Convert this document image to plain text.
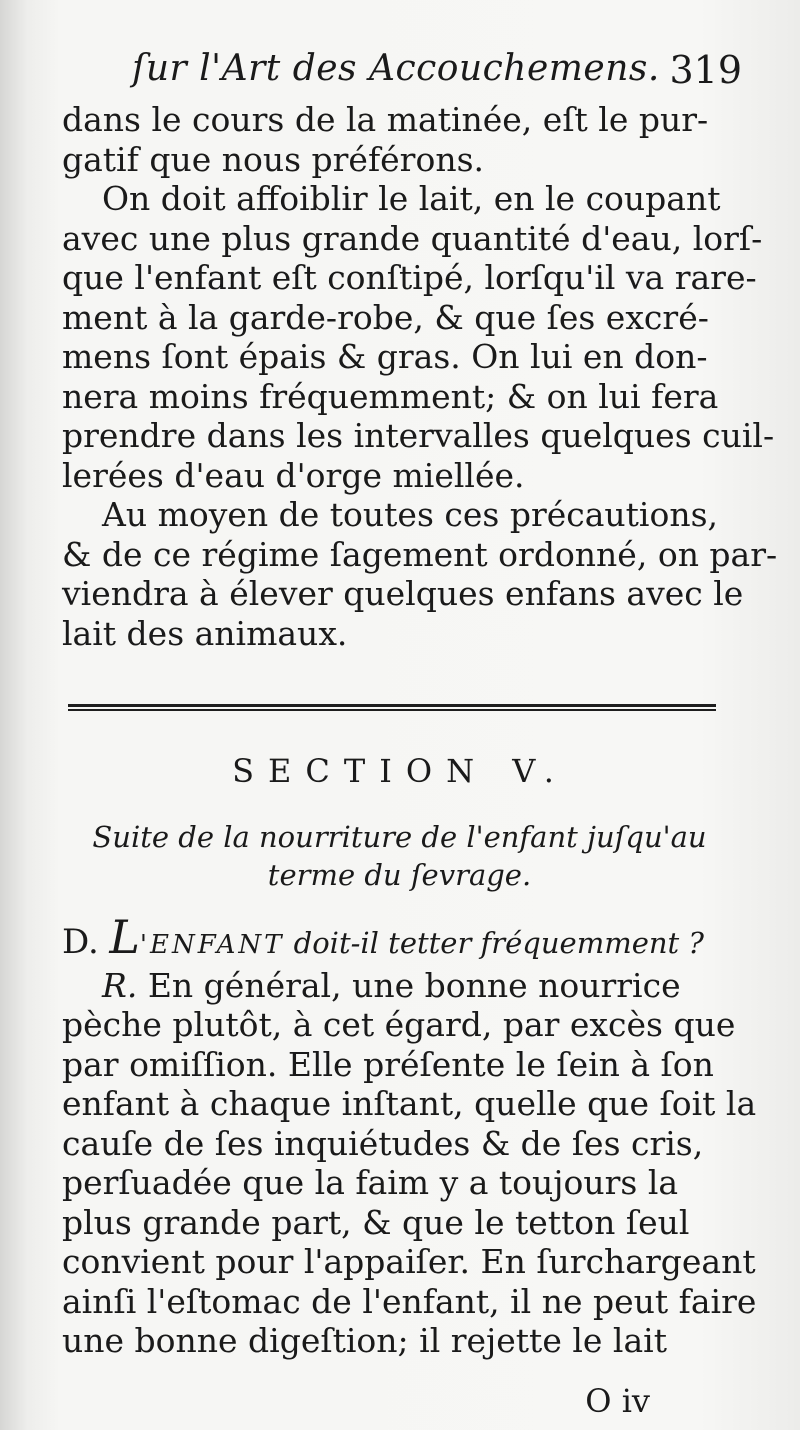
ſur l'Art des Accouchemens. 319

dans le cours de la matinée, eſt le pur-
gatif que nous préférons.

On doit affoiblir le lait, en le coupant
avec une plus grande quantité d'eau, lorſ-
que l'enfant eſt conſtipé, lorſqu'il va rare-
ment à la garde-robe, & que ſes excré-
mens ſont épais & gras. On lui en don-
nera moins fréquemment; & on lui fera
prendre dans les intervalles quelques cuil-
lerées d'eau d'orge miellée.

Au moyen de toutes ces précautions,
& de ce régime ſagement ordonné, on par-
viendra à élever quelques enfans avec le
lait des animaux.

SECTION V.
Suite de la nourriture de l'enfant juſqu'au
terme du ſevrage.

D. L'ENFANT doit-il tetter fréquemment ?

R. En général, une bonne nourrice
pèche plutôt, à cet égard, par excès que
par omiſſion. Elle préſente le ſein à ſon
enfant à chaque inſtant, quelle que ſoit la
cauſe de ſes inquiétudes & de ſes cris,
perſuadée que la faim y a toujours la
plus grande part, & que le tetton ſeul
convient pour l'appaiſer. En ſurchargeant
ainſi l'eſtomac de l'enfant, il ne peut faire
une bonne digeſtion; il rejette le lait

O iv
